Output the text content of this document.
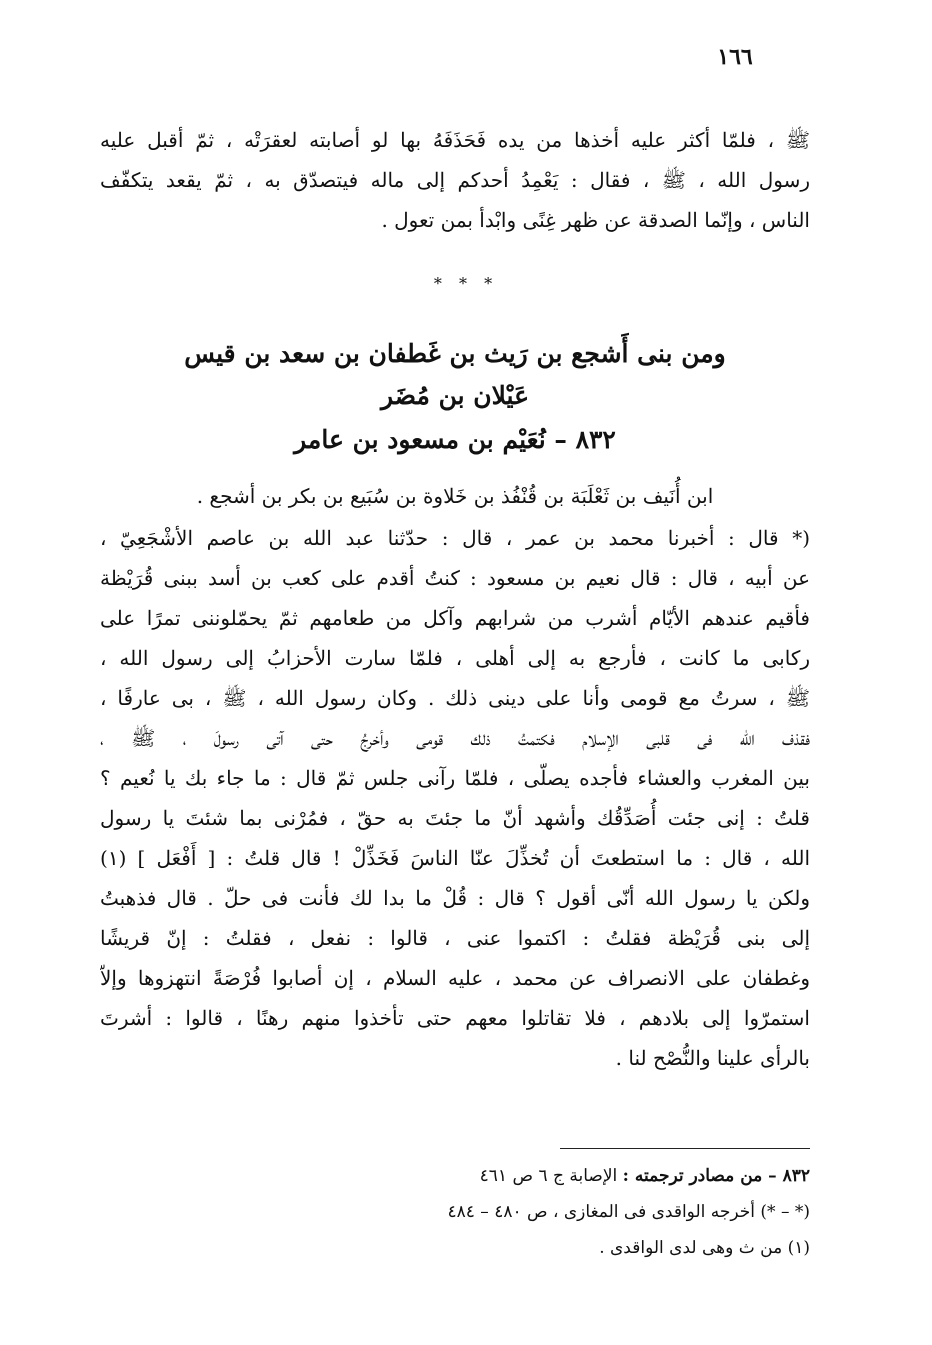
١٦٦
ﷺ ، فلمّا أكثر عليه أخذها من يده فَحَذَفَهُ بها لو أصابته لعقرَتْه ، ثمّ أقبل عليه
رسول الله ، ﷺ ، فقال : يَعْمِدُ أحدكم إلى ماله فيتصدّق به ، ثمّ يقعد يتكفّف
الناس ، وإنّما الصدقة عن ظهر غِنًى وابْدأ بمن تعول .
* * *
ومن بنى أَشجع بن رَيث بن غَطفان بن سعد بن قيس
عَيْلان بن مُضَر
٨٣٢ – نُعَيْم بن مسعود بن عامر
ابن أُنَيف بن ثَعْلَبَة بن قُنْفُذ بن خَلاوة بن سُبَيع بن بكر بن أشجع .
(* قال : أخبرنا محمد بن عمر ، قال : حدّثنا عبد الله بن عاصم الأشْجَعِيّ ،
عن أبيه ، قال : قال نعيم بن مسعود : كنتُ أقدم على كعب بن أسد ببنى قُرَيْظة
فأقيم عندهم الأيّام أشرب من شرابهم وآكل من طعامهم ثمّ يحمّلوننى تمرًا على
ركابى ما كانت ، فأرجع به إلى أهلى ، فلمّا سارت الأحزابُ إلى رسول الله ،
ﷺ ، سرتُ مع قومى وأنا على دينى ذلك . وكان رسول الله ، ﷺ ، بى عارفًا ،
فقذف الله فى قلبى الإسلام فكتمتُ ذلك قومى وأخرجُ حتى آتى رسولَ ، ﷺ ،
بين المغرب والعشاء فأجده يصلّى ، فلمّا رآنى جلس ثمّ قال : ما جاء بك يا نُعيم ؟
قلتُ : إنى جئت أُصَدِّقُك وأشهد أنّ ما جئتَ به حقّ ، فمُرْنى بما شئتَ يا رسول
الله ، قال : ما استطعتَ أن تُخذِّلَ عنّا الناسَ فَخَذِّلْ ! قال قلتُ : [ أَفْعَل ] (١)
ولكن يا رسول الله أنّى أقول ؟ قال : قُلْ ما بدا لك فأنت فى حلّ . قال فذهبتُ
إلى بنى قُرَيْظة فقلتُ : اكتموا عنى ، قالوا : نفعل ، فقلتُ : إنّ قريشًا
وغطفان على الانصراف عن محمد ، عليه السلام ، إن أصابوا فُرْصَةً انتهزوها وإلاّ
استمرّوا إلى بلادهم ، فلا تقاتلوا معهم حتى تأخذوا منهم رهنًا ، قالوا : أشرتَ
بالرأى علينا والنُّصْح لنا .
٨٣٢ – من مصادر ترجمته : الإصابة ج ٦ ص ٤٦١
(* – *) أخرجه الواقدى فى المغازى ، ص ٤٨٠ – ٤٨٤
(١) من ث وهى لدى الواقدى .
